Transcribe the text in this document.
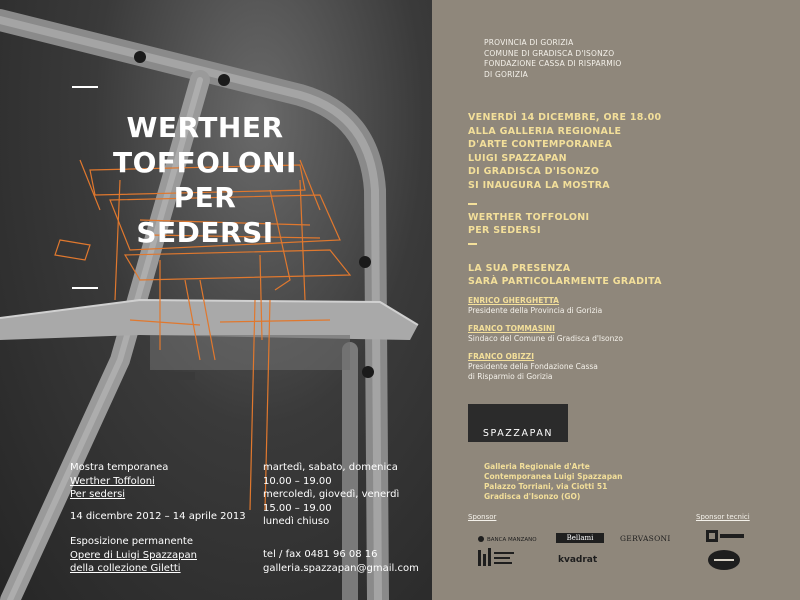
WERTHER
TOFFOLONI
PER
SEDERSI
Mostra temporanea
Werther Toffoloni
Per sedersi
14 dicembre 2012 – 14 aprile 2013
Esposizione permanente
Opere di Luigi Spazzapan
della collezione Giletti
martedì, sabato, domenica
10.00 – 19.00
mercoledì, giovedì, venerdì
15.00 – 19.00
lunedì chiuso
tel / fax 0481 96 08 16
galleria.spazzapan@gmail.com
PROVINCIA DI GORIZIA
COMUNE DI GRADISCA D'ISONZO
FONDAZIONE CASSA DI RISPARMIO
DI GORIZIA
VENERDÌ 14 DICEMBRE, ORE 18.00
ALLA GALLERIA REGIONALE
D'ARTE CONTEMPORANEA
LUIGI SPAZZAPAN
DI GRADISCA D'ISONZO
SI INAUGURA LA MOSTRA
WERTHER TOFFOLONI
PER SEDERSI
LA SUA PRESENZA
SARÀ PARTICOLARMENTE GRADITA
ENRICO GHERGHETTA
Presidente della Provincia di Gorizia
FRANCO TOMMASINI
Sindaco del Comune di Gradisca d'Isonzo
FRANCO OBIZZI
Presidente della Fondazione Cassa
di Risparmio di Gorizia
SPAZZAPAN
Galleria Regionale d'Arte
Contemporanea Luigi Spazzapan
Palazzo Torriani, via Ciotti 51
Gradisca d'Isonzo (GO)
Sponsor	Sponsor tecnici
BANCA MANZANO	Bellami	GERVASONI
kvadrat
